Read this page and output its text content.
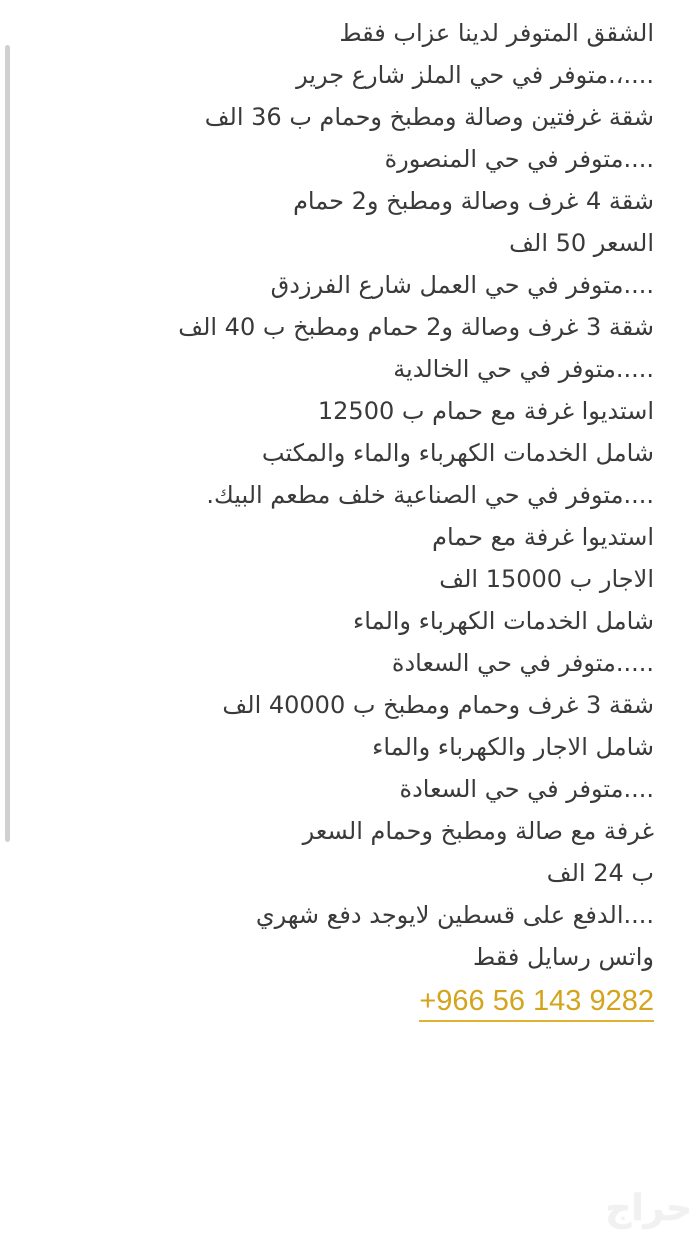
الشقق المتوفر لدينا عزاب فقط
....،.متوفر في حي الملز شارع جرير
شقة غرفتين وصالة ومطبخ وحمام ب 36 الف
....متوفر في حي المنصورة
شقة 4 غرف وصالة ومطبخ و2 حمام
السعر 50 الف
....متوفر في حي العمل شارع الفرزدق
شقة 3 غرف وصالة و2 حمام ومطبخ ب 40 الف
.....متوفر في حي الخالدية
استديوا غرفة مع حمام ب 12500
شامل الخدمات الكهرباء والماء والمكتب
....متوفر في حي الصناعية خلف مطعم البيك.
استديوا غرفة مع حمام
الاجار ب 15000 الف
شامل الخدمات الكهرباء والماء
.....متوفر في حي السعادة
شقة 3 غرف وحمام ومطبخ ب 40000 الف
شامل الاجار والكهرباء والماء
....متوفر في حي السعادة
غرفة مع صالة ومطبخ وحمام السعر
ب 24 الف
....الدفع على قسطين لايوجد دفع شهري
واتس رسايل فقط
+966 56 143 9282
حراج
